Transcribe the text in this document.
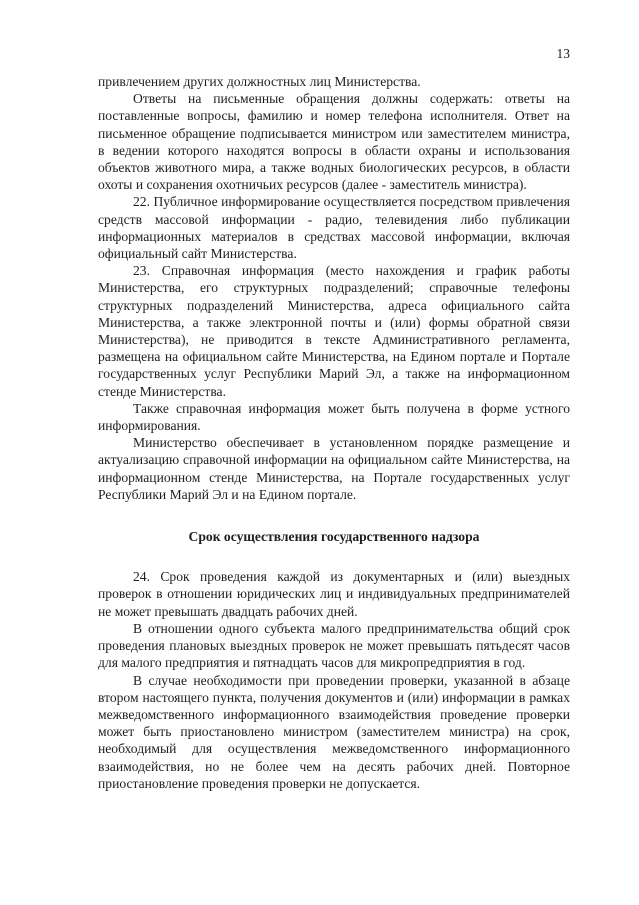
13

привлечением других должностных лиц Министерства.

Ответы на письменные обращения должны содержать: ответы на поставленные вопросы, фамилию и номер телефона исполнителя. Ответ на письменное обращение подписывается министром или заместителем министра, в ведении которого находятся вопросы в области охраны и использования объектов животного мира, а также водных биологических ресурсов, в области охоты и сохранения охотничьих ресурсов (далее - заместитель министра).

22. Публичное информирование осуществляется посредством привлечения средств массовой информации - радио, телевидения либо публикации информационных материалов в средствах массовой информации, включая официальный сайт Министерства.

23. Справочная информация (место нахождения и график работы Министерства, его структурных подразделений; справочные телефоны структурных подразделений Министерства, адреса официального сайта Министерства, а также электронной почты и (или) формы обратной связи Министерства), не приводится в тексте Административного регламента, размещена на официальном сайте Министерства, на Едином портале и Портале государственных услуг Республики Марий Эл, а также на информационном стенде Министерства.

Также справочная информация может быть получена в форме устного информирования.

Министерство обеспечивает в установленном порядке размещение и актуализацию справочной информации на официальном сайте Министерства, на информационном стенде Министерства, на Портале государственных услуг Республики Марий Эл и на Едином портале.

Срок осуществления государственного надзора

24. Срок проведения каждой из документарных и (или) выездных проверок в отношении юридических лиц и индивидуальных предпринимателей не может превышать двадцать рабочих дней.

В отношении одного субъекта малого предпринимательства общий срок проведения плановых выездных проверок не может превышать пятьдесят часов для малого предприятия и пятнадцать часов для микропредприятия в год.

В случае необходимости при проведении проверки, указанной в абзаце втором настоящего пункта, получения документов и (или) информации в рамках межведомственного информационного взаимодействия проведение проверки может быть приостановлено министром (заместителем министра) на срок, необходимый для осуществления межведомственного информационного взаимодействия, но не более чем на десять рабочих дней. Повторное приостановление проведения проверки не допускается.
